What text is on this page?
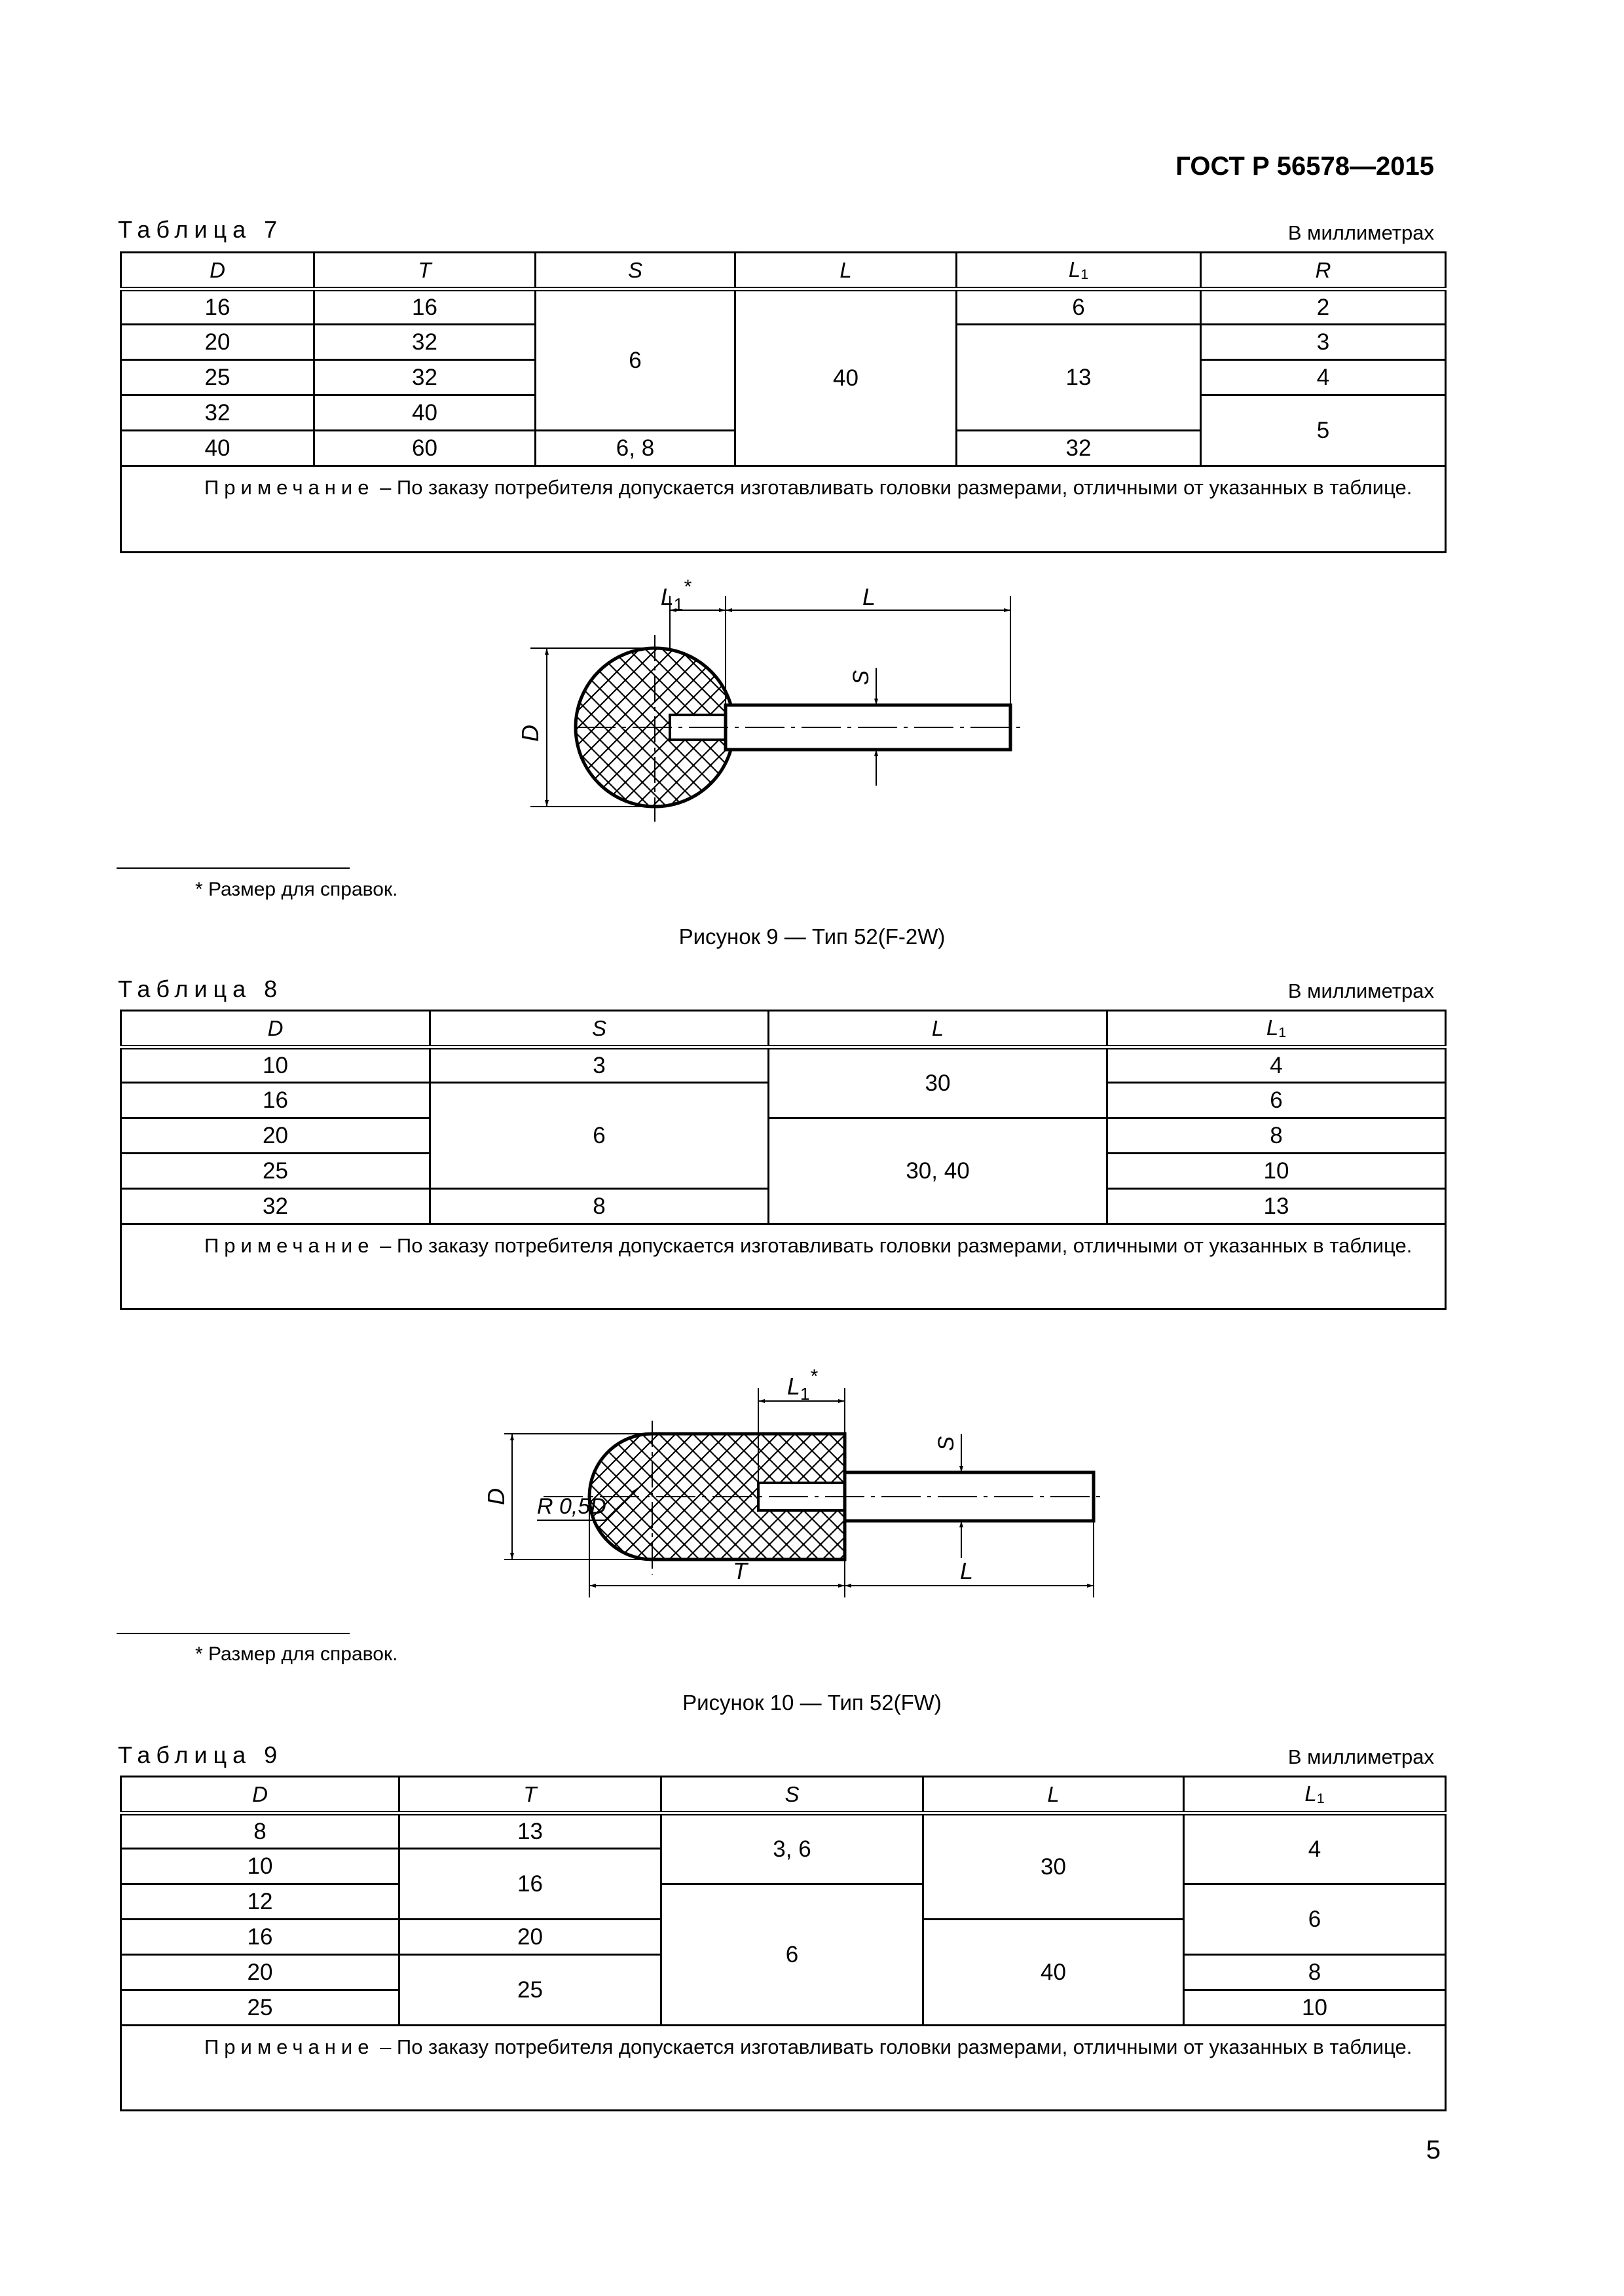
ГОСТ Р 56578—2015
Таблица 7	В миллиметрах
D	T	S	L	$L_1$	R
16	16	6	40	6	2
20	32			13	3
25	32				4
32	40				5
40	60	6, 8		32	
Примечание – По заказу потребителя допускается изготавливать головки размерами, отличными от указанных в таблице.					
D
$L_1^*$	L
S
* Размер для справок.
Рисунок 9 — Тип 52(F-2W)
Таблица 8	В миллиметрах
D	S	L	$L_1$
10	3	30	4
16	6		6
20		30, 40	8
25			10
32	8		13
Примечание – По заказу потребителя допускается изготавливать головки размерами, отличными от указанных в таблице.			
D
$L_1^*$
S
T	L
R 0,5D
* Размер для справок.
Рисунок 10 — Тип 52(FW)
Таблица 9	В миллиметрах
D	T	S	L	$L_1$
8	13	3, 6	30	4
10	16			
12		6		6
16	20		40	
20	25			8
25				10
Примечание – По заказу потребителя допускается изготавливать головки размерами, отличными от указанных в таблице.				
5
